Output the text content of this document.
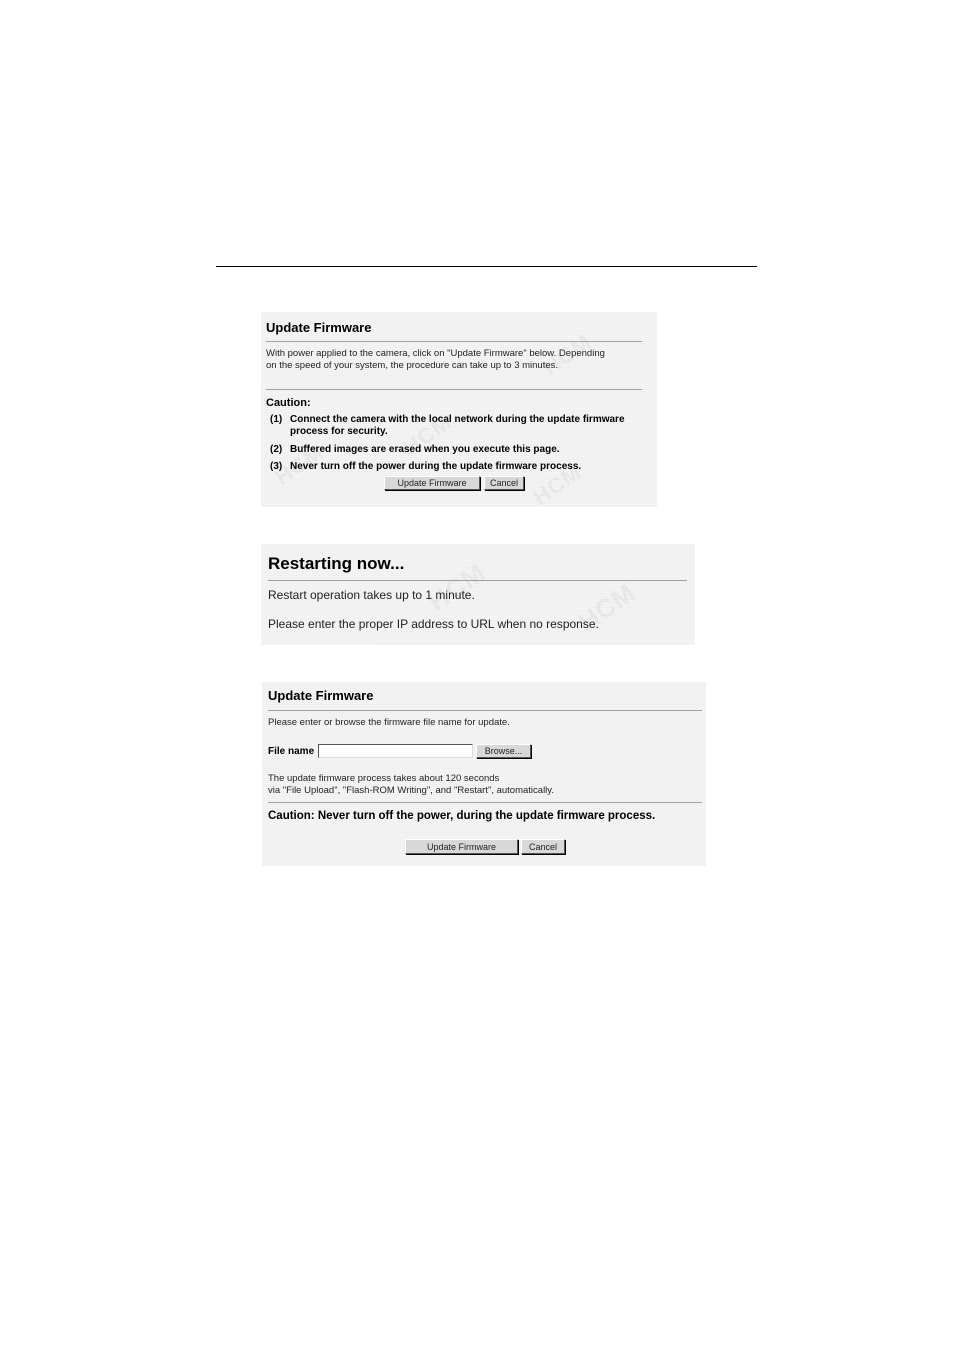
Update Firmware
With power applied to the camera, click on "Update Firmware" below. Depending
on the speed of your system, the procedure can take up to 3 minutes.
Caution:
(1) Connect the camera with the local network during the update firmware
process for security.
(2) Buffered images are erased when you execute this page.
(3) Never turn off the power during the update firmware process.
Update Firmware	Cancel
Restarting now...
Restart operation takes up to 1 minute.
Please enter the proper IP address to URL when no response.
Update Firmware
Please enter or browse the firmware file name for update.
File name	Browse...
The update firmware process takes about 120 seconds
via "File Upload", "Flash-ROM Writing", and "Restart", automatically.
Caution: Never turn off the power, during the update firmware process.
Update Firmware	Cancel
